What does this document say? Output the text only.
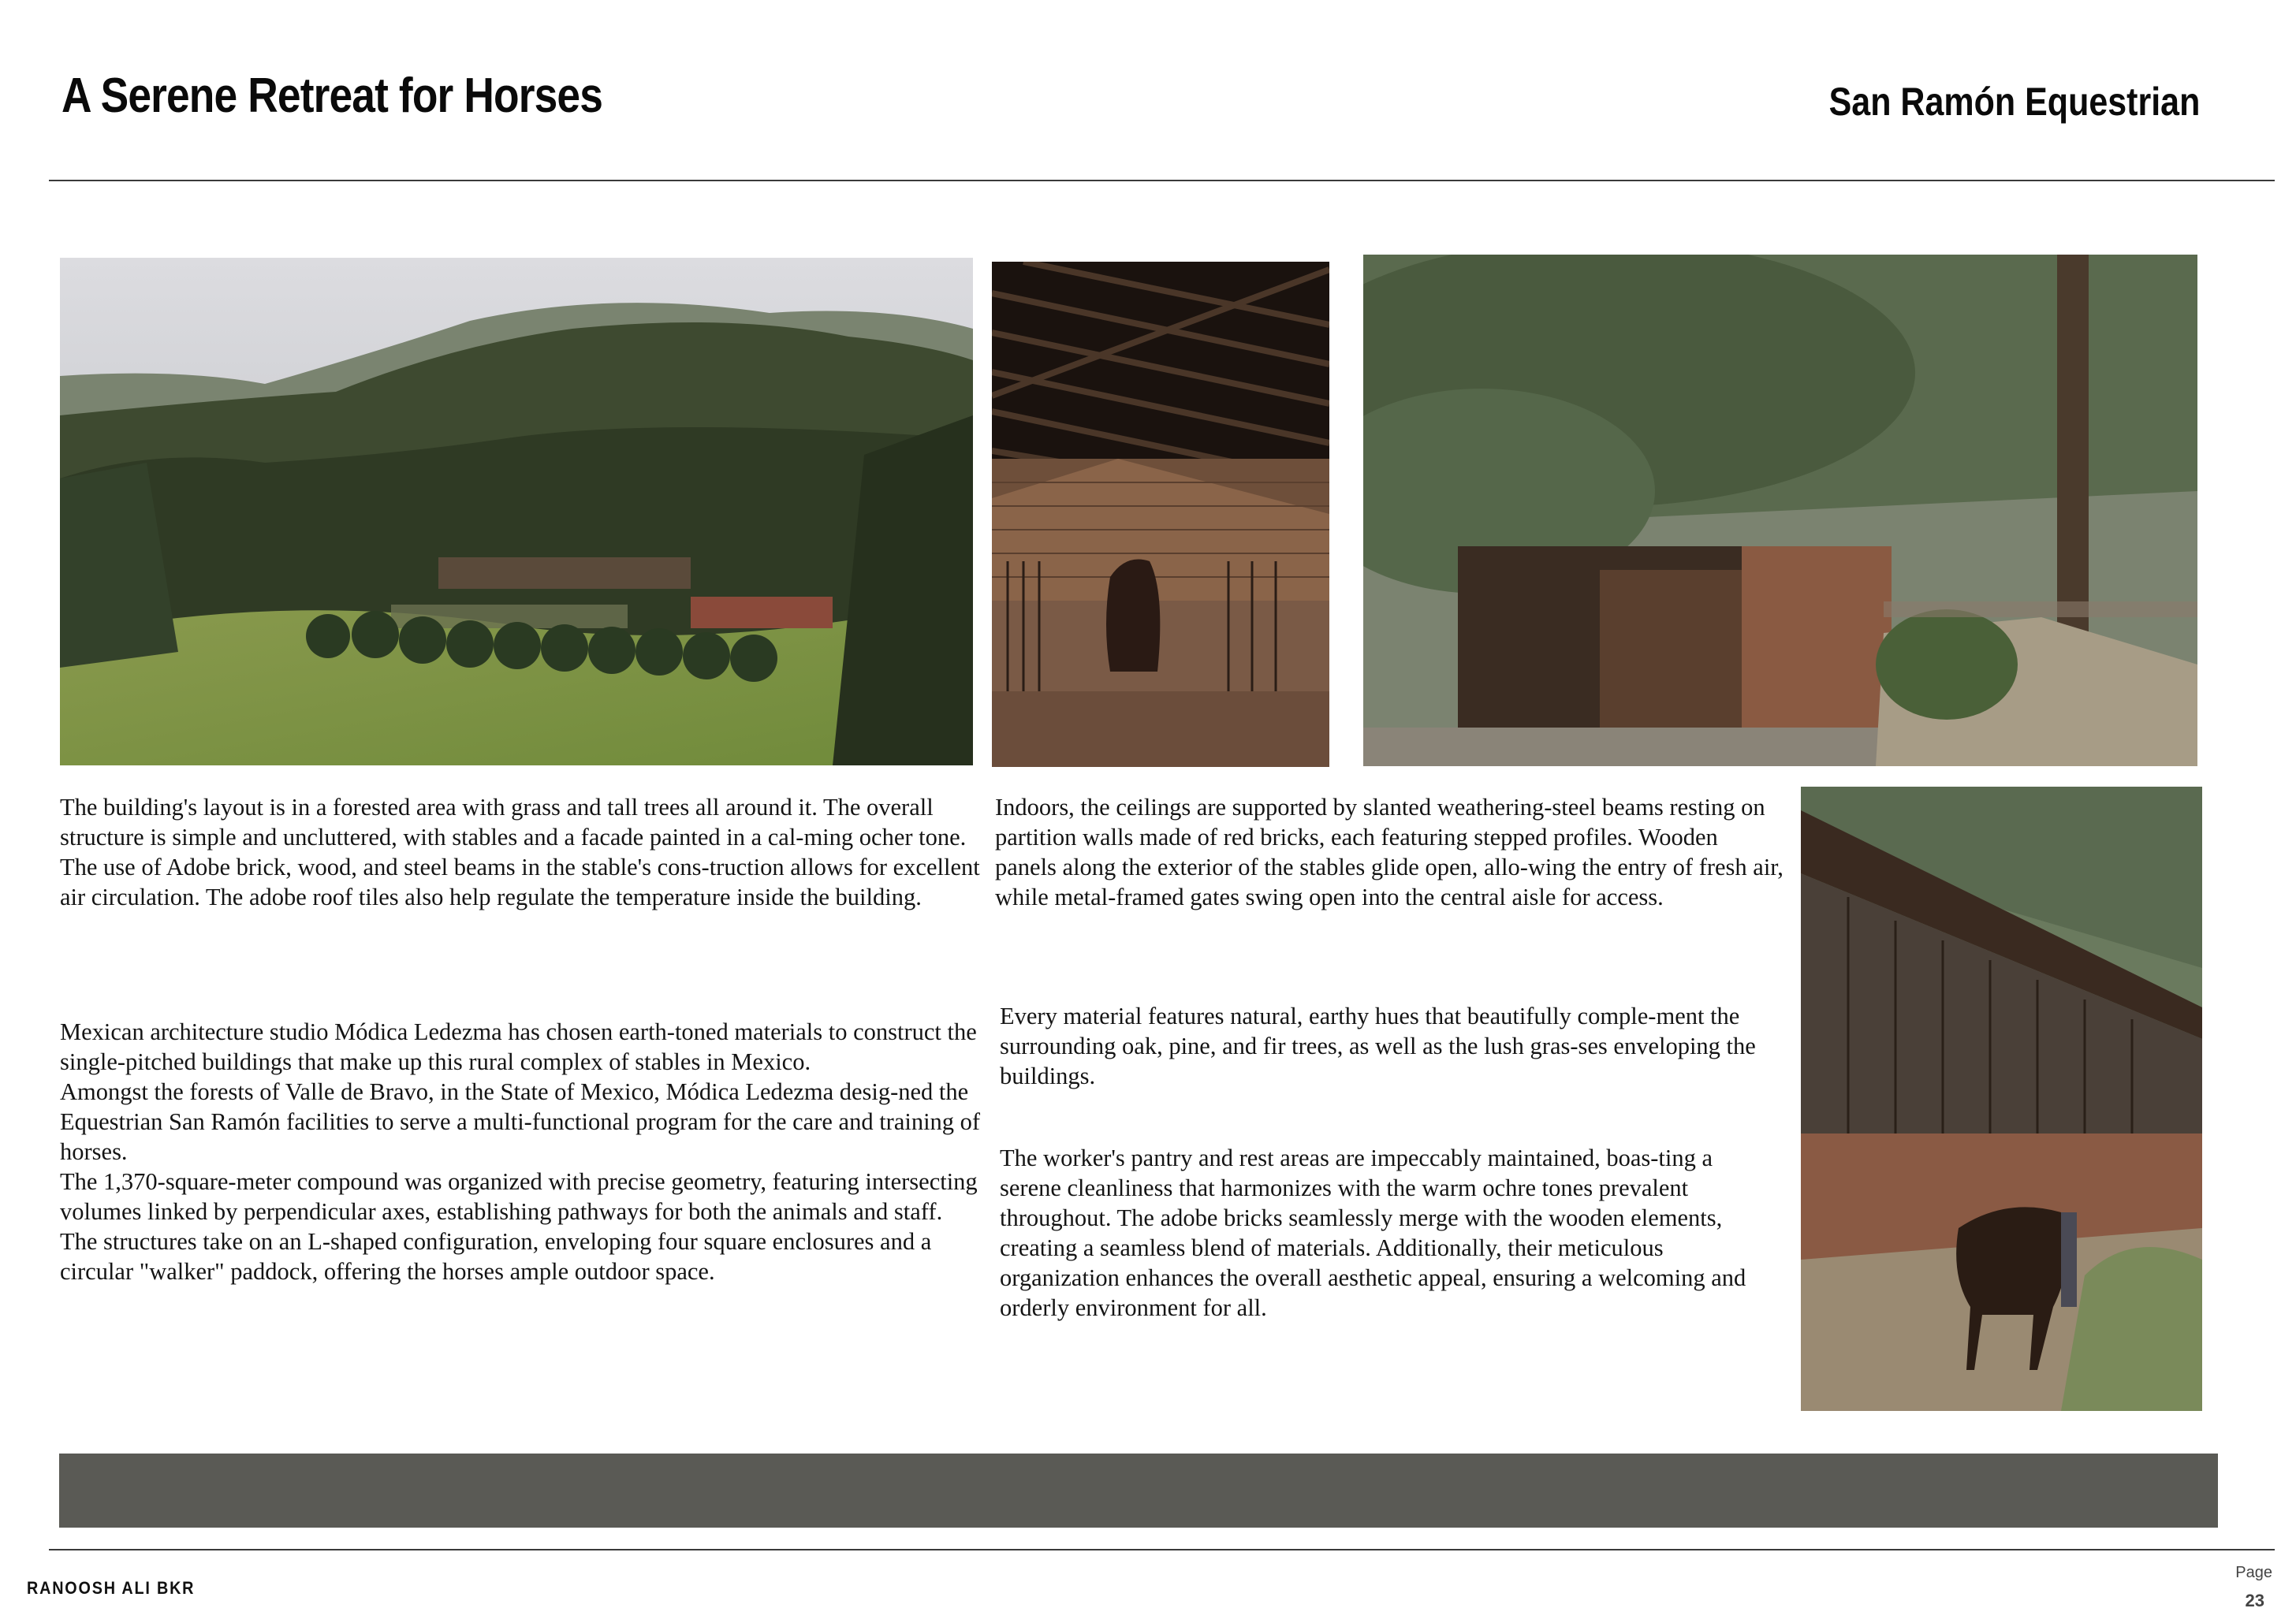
A Serene Retreat for Horses	San Ramón Equestrian

The building's layout is in a forested area with grass and tall trees all around it. The overall structure is simple and uncluttered, with stables and a facade painted in a cal-ming ocher tone. The use of Adobe brick, wood, and steel beams in the stable's cons-truction allows for excellent air circulation. The adobe roof tiles also help regulate the temperature inside the building.

Indoors, the ceilings are supported by slanted weathering-steel beams resting on partition walls made of red bricks, each featuring stepped profiles. Wooden panels along the exterior of the stables glide open, allo-wing the entry of fresh air, while metal-framed gates swing open into the central aisle for access.

Mexican architecture studio Módica Ledezma has chosen earth-toned materials to construct the single-pitched buildings that make up this rural complex of stables in Mexico.

Amongst the forests of Valle de Bravo, in the State of Mexico, Módica Ledezma desig-ned the Equestrian San Ramón facilities to serve a multi-functional program for the care and training of horses.

The 1,370-square-meter compound was organized with precise geometry, featuring intersecting volumes linked by perpendicular axes, establishing pathways for both the animals and staff. The structures take on an L-shaped configuration, enveloping four square enclosures and a circular "walker" paddock, offering the horses ample outdoor space.

Every material features natural, earthy hues that beautifully comple-ment the surrounding oak, pine, and fir trees, as well as the lush gras-ses enveloping the buildings.

The worker's pantry and rest areas are impeccably maintained, boas-ting a serene cleanliness that harmonizes with the warm ochre tones prevalent throughout. The adobe bricks seamlessly merge with the wooden elements, creating a seamless blend of materials. Additionally, their meticulous organization enhances the overall aesthetic appeal, ensuring a welcoming and orderly environment for all.

RANOOSH ALI BKR
Page
23
